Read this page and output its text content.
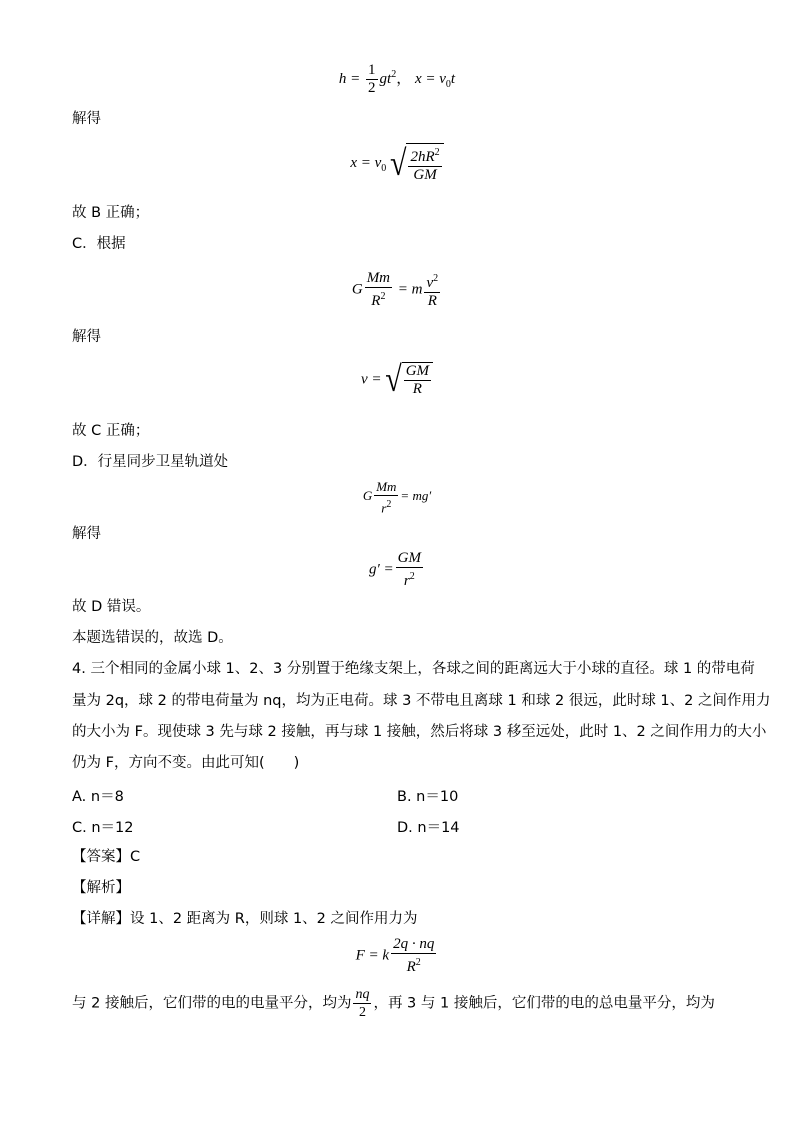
$h = \frac{1}{2} gt^2$， $x = v_0t$
解得
$x = v_0$ √ $\frac{2hR^2}{GM}$
故 B 正确；
C．根据
G $\frac{Mm}{R^2} = m \frac{v^2}{R}$
解得
v = √ $\frac{GM}{R}$
故 C 正确；
D．行星同步卫星轨道处
G $\frac{Mm}{r^2} = mg'$
解得
$g' = \frac{GM}{r^2}$
故 D 错误。
本题选错误的，故选 D。
4. 三个相同的金属小球 1、2、3 分别置于绝缘支架上，各球之间的距离远大于小球的直径。球 1 的带电荷
量为 2q，球 2 的带电荷量为 nq，均为正电荷。球 3 不带电且离球 1 和球 2 很远，此时球 1、2 之间作用力
的大小为 F。现使球 3 先与球 2 接触，再与球 1 接触，然后将球 3 移至远处，此时 1、2 之间作用力的大小
仍为 F，方向不变。由此可知(　　)
A. n＝8	B. n＝10
C. n＝12	D. n＝14
【答案】C
【解析】
【详解】设 1、2 距离为 R，则球 1、2 之间作用力为
F = k $\frac{2q \cdot nq}{R^2}$
与 2 接触后，它们带的电的电量平分，均为 $\frac{nq}{2}$ ，再 3 与 1 接触后，它们带的电的总电量平分，均为
